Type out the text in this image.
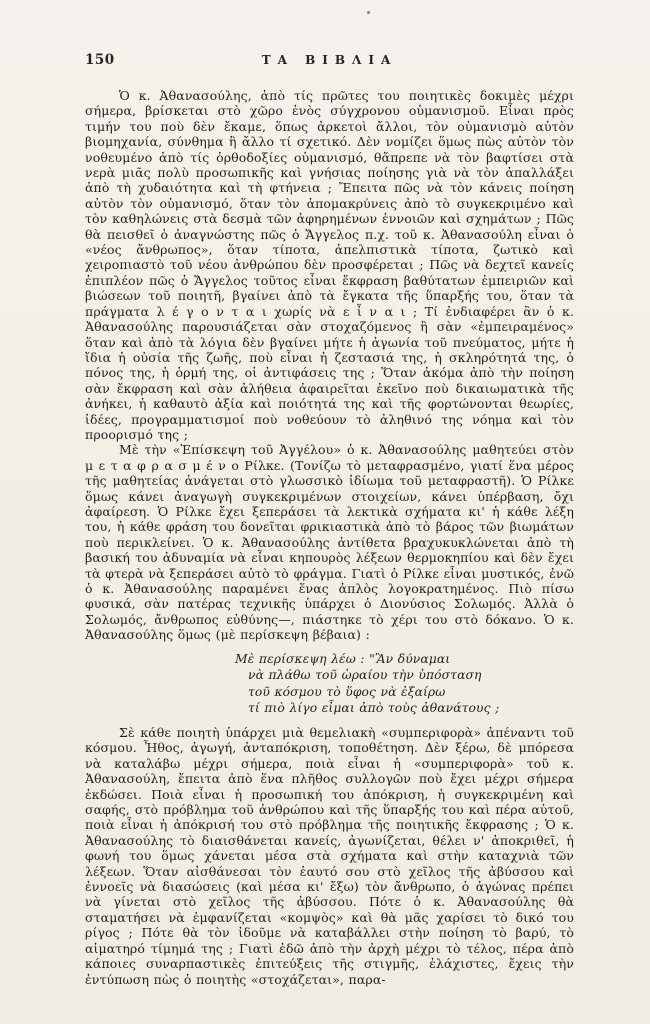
150	ΤΑ ΒΙΒΛΙΑ

Ὁ κ. Ἀθανασούλης, ἀπὸ τίς πρῶτες του ποιητικὲς δοκιμὲς μέχρι σήμερα, βρίσκεται στὸ χῶρο ἑνὸς σύγχρονου οὑμανισμοῦ. Εἶναι πρὸς τιμήν του ποὺ δὲν ἔκαμε, ὅπως ἀρκετοὶ ἄλλοι, τὸν οὑμανισμὸ αὐτὸν βιομηχανία, σύνθημα ἢ ἄλλο τί σχετικό. Δὲν νομίζει ὅμως πὼς αὐτὸν τὸν νοθευμένο ἀπὸ τίς ὀρθοδοξίες οὑμανισμό, θἄπρεπε νὰ τὸν βαφτίσει στὰ νερὰ μιᾶς πολὺ προσωπικῆς καὶ γνήσιας ποίησης γιὰ νὰ τὸν ἀπαλλάξει ἀπὸ τὴ χυδαιότητα καὶ τὴ φτήνεια ; Ἔπειτα πῶς νὰ τὸν κάνεις ποίηση αὐτὸν τὸν οὑμανισμό, ὅταν τὸν ἀπομακρύνεις ἀπὸ τὸ συγκεκριμένο καὶ τὸν καθηλώνεις στὰ δεσμὰ τῶν ἀφηρημένων ἐννοιῶν καὶ σχημάτων ; Πῶς θὰ πεισθεῖ ὁ ἀναγνώστης πῶς ὁ Ἄγγελος π.χ. τοῦ κ. Ἀθανασούλη εἶναι ὁ «νέος ἄνθρωπος», ὅταν τίποτα, ἀπελπιστικὰ τίποτα, ζωτικὸ καὶ χειροπιαστὸ τοῦ νέου ἀνθρώπου δὲν προσφέρεται ; Πῶς νὰ δεχτεῖ κανείς ἐπιπλέον πῶς ὁ Ἄγγελος τοῦτος εἶναι ἔκφραση βαθύτατων ἐμπειριῶν καὶ βιώσεων τοῦ ποιητῆ, βγαίνει ἀπὸ τὰ ἔγκατα τῆς ὕπαρξής του, ὅταν τὰ πράγματα λ έ γ ο ν τ α ι χωρίς νὰ ε ἶ ν α ι ; Τί ἐνδιαφέρει ἂν ὁ κ. Ἀθανασούλης παρουσιάζεται σὰν στοχαζόμενος ἢ σὰν «ἐμπειραμένος» ὅταν καὶ ἀπὸ τὰ λόγια δὲν βγαίνει μήτε ἡ ἀγωνία τοῦ πνεύματος, μήτε ἡ ἴδια ἡ οὐσία τῆς ζωῆς, ποὺ εἶναι ἡ ζεστασιά της, ἡ σκληρότητά της, ὁ πόνος της, ἡ ὁρμή της, οἱ ἀντιφάσεις της ; Ὅταν ἀκόμα ἀπὸ τὴν ποίηση σὰν ἔκφραση καὶ σὰν ἀλήθεια ἀφαιρεῖται ἐκεῖνο ποὺ δικαιωματικὰ τῆς ἀνήκει, ἡ καθαυτὸ ἀξία καὶ ποιότητά της καὶ τῆς φορτώνονται θεωρίες, ἰδέες, προγραμματισμοί ποὺ νοθεύουν τὸ ἀληθινό της νόημα καὶ τὸν προορισμό της ;

Μὲ τὴν «Ἐπίσκεψη τοῦ Ἀγγέλου» ὁ κ. Ἀθανασούλης μαθητεύει στὸν μ ε τ α φ ρ α σ μ έ ν ο Ρίλκε. (Τονίζω τὸ μεταφρασμένο, γιατί ἕνα μέρος τῆς μαθητείας ἀνάγεται στὸ γλωσσικὸ ἰδίωμα τοῦ μεταφραστῆ). Ὁ Ρίλκε ὅμως κάνει ἀναγωγὴ συγκεκριμένων στοιχείων, κάνει ὑπέρβαση, ὄχι ἀφαίρεση. Ὁ Ρίλκε ἔχει ξεπεράσει τὰ λεκτικὰ σχήματα κι' ἡ κάθε λέξη του, ἡ κάθε φράση του δονεῖται φρικιαστικὰ ἀπὸ τὸ βάρος τῶν βιωμάτων ποὺ περικλείνει. Ὁ κ. Ἀθανασούλης ἀντίθετα βραχυκυκλώνεται ἀπὸ τὴ βασική του ἀδυναμία νὰ εἶναι κηπουρὸς λέξεων θερμοκηπίου καὶ δὲν ἔχει τὰ φτερὰ νὰ ξεπεράσει αὐτὸ τὸ φράγμα. Γιατὶ ὁ Ρίλκε εἶναι μυστικός, ἐνῶ ὁ κ. Ἀθανασούλης παραμένει ἕνας ἁπλὸς λογοκρατημένος. Πιὸ πίσω φυσικά, σὰν πατέρας τεχνικῆς ὑπάρχει ὁ Διονύσιος Σολωμός. Ἀλλὰ ὁ Σολωμός, ἄνθρωπος εὐθύνης—, πιάστηκε τὸ χέρι του στὸ δόκανο. Ὁ κ. Ἀθανασούλης ὅμως (μὲ περίσκεψη βέβαια) :

Μὲ περίσκεψη λέω : "Ἂν δύναμαι

νὰ πλάθω τοῦ ὡραίου τὴν ὑπόσταση

τοῦ κόσμου τὸ ὕφος νὰ ἐξαίρω

τί πιὸ λίγο εἶμαι ἀπὸ τοὺς ἀθανάτους ;

Σὲ κάθε ποιητὴ ὑπάρχει μιὰ θεμελιακὴ «συμπεριφορὰ» ἀπέναντι τοῦ κόσμου. Ἦθος, ἀγωγή, ἀνταπόκριση, τοποθέτηση. Δὲν ξέρω, δὲ μπόρεσα νὰ καταλάβω μέχρι σήμερα, ποιὰ εἶναι ἡ «συμπεριφορὰ» τοῦ κ. Ἀθανασούλη, ἔπειτα ἀπὸ ἕνα πλῆθος συλλογῶν ποὺ ἔχει μέχρι σήμερα ἐκδώσει. Ποιὰ εἶναι ἡ προσωπική του ἀπόκριση, ἡ συγκεκριμένη καὶ σαφής, στὸ πρόβλημα τοῦ ἀνθρώπου καὶ τῆς ὕπαρξής του καὶ πέρα αὐτοῦ, ποιὰ εἶναι ἡ ἀπόκρισή του στὸ πρόβλημα τῆς ποιητικῆς ἔκφρασης ; Ὁ κ. Ἀθανασούλης τὸ διαισθάνεται κανείς, ἀγωνίζεται, θέλει ν' ἀποκριθεῖ, ἡ φωνή του ὅμως χάνεται μέσα στὰ σχήματα καὶ στὴν καταχνιὰ τῶν λέξεων. Ὅταν αἰσθάνεσαι τὸν ἑαυτό σου στὸ χεῖλος τῆς ἀβύσσου καὶ ἐννοεῖς νὰ διασώσεις (καὶ μέσα κι' ἔξω) τὸν ἄνθρωπο, ὁ ἀγώνας πρέπει νὰ γίνεται στὸ χεῖλος τῆς ἀβύσσου. Πότε ὁ κ. Ἀθανασούλης θὰ σταματήσει νὰ ἐμφανίζεται «κομψὸς» καὶ θὰ μᾶς χαρίσει τὸ δικό του ρίγος ; Πότε θὰ τὸν ἰδοῦμε νὰ καταβάλλει στὴν ποίηση τὸ βαρύ, τὸ αἱματηρό τίμημά της ; Γιατὶ ἐδῶ ἀπὸ τὴν ἀρχὴ μέχρι τὸ τέλος, πέρα ἀπὸ κάποιες συναρπαστικὲς ἐπιτεύξεις τῆς στιγμῆς, ἐλάχιστες, ἔχεις τὴν ἐντύπωση πὼς ὁ ποιητὴς «στοχάζεται», παρα-
